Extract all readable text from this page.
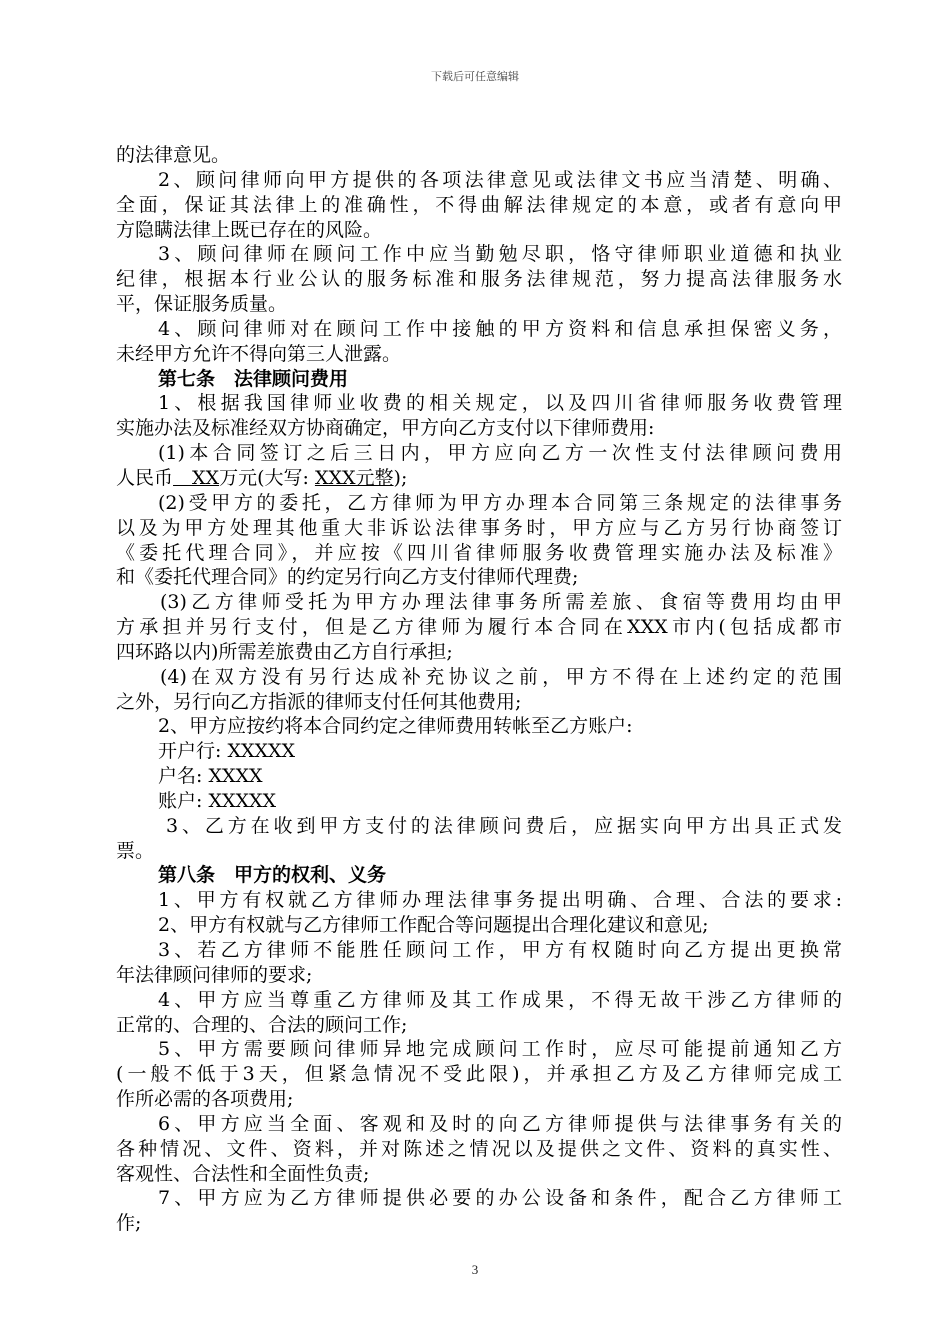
下载后可任意编辑
的法律意见。
2、顾问律师向甲方提供的各项法律意见或法律文书应当清楚、明确、
全面，保证其法律上的准确性，不得曲解法律规定的本意，或者有意向甲
方隐瞒法律上既已存在的风险。
3、顾问律师在顾问工作中应当勤勉尽职，恪守律师职业道德和执业
纪律，根据本行业公认的服务标准和服务法律规范，努力提高法律服务水
平，保证服务质量。
4、顾问律师对在顾问工作中接触的甲方资料和信息承担保密义务，
未经甲方允许不得向第三人泄露。
第七条　法律顾问费用
1、根据我国律师业收费的相关规定，以及四川省律师服务收费管理
实施办法及标准经双方协商确定，甲方向乙方支付以下律师费用:
(1)本合同签订之后三日内，甲方应向乙方一次性支付法律顾问费用
人民币　XX万元(大写: XXX元整);
(2)受甲方的委托，乙方律师为甲方办理本合同第三条规定的法律事务
以及为甲方处理其他重大非诉讼法律事务时，甲方应与乙方另行协商签订
《委托代理合同》，并应按《四川省律师服务收费管理实施办法及标准》
和《委托代理合同》的约定另行向乙方支付律师代理费;
(3)乙方律师受托为甲方办理法律事务所需差旅、食宿等费用均由甲
方承担并另行支付，但是乙方律师为履行本合同在XXX市内(包括成都市
四环路以内)所需差旅费由乙方自行承担;
(4)在双方没有另行达成补充协议之前，甲方不得在上述约定的范围
之外，另行向乙方指派的律师支付任何其他费用;
2、甲方应按约将本合同约定之律师费用转帐至乙方账户:
开户行: XXXXX
户名: XXXX
账户: XXXXX
3、乙方在收到甲方支付的法律顾问费后，应据实向甲方出具正式发
票。
第八条　甲方的权利、义务
1、甲方有权就乙方律师办理法律事务提出明确、合理、合法的要求:
2、甲方有权就与乙方律师工作配合等问题提出合理化建议和意见;
3、若乙方律师不能胜任顾问工作，甲方有权随时向乙方提出更换常
年法律顾问律师的要求;
4、甲方应当尊重乙方律师及其工作成果，不得无故干涉乙方律师的
正常的、合理的、合法的顾问工作;
5、甲方需要顾问律师异地完成顾问工作时，应尽可能提前通知乙方
(一般不低于3天，但紧急情况不受此限)，并承担乙方及乙方律师完成工
作所必需的各项费用;
6、甲方应当全面、客观和及时的向乙方律师提供与法律事务有关的
各种情况、文件、资料，并对陈述之情况以及提供之文件、资料的真实性、
客观性、合法性和全面性负责;
7、甲方应为乙方律师提供必要的办公设备和条件，配合乙方律师工
作;
3
